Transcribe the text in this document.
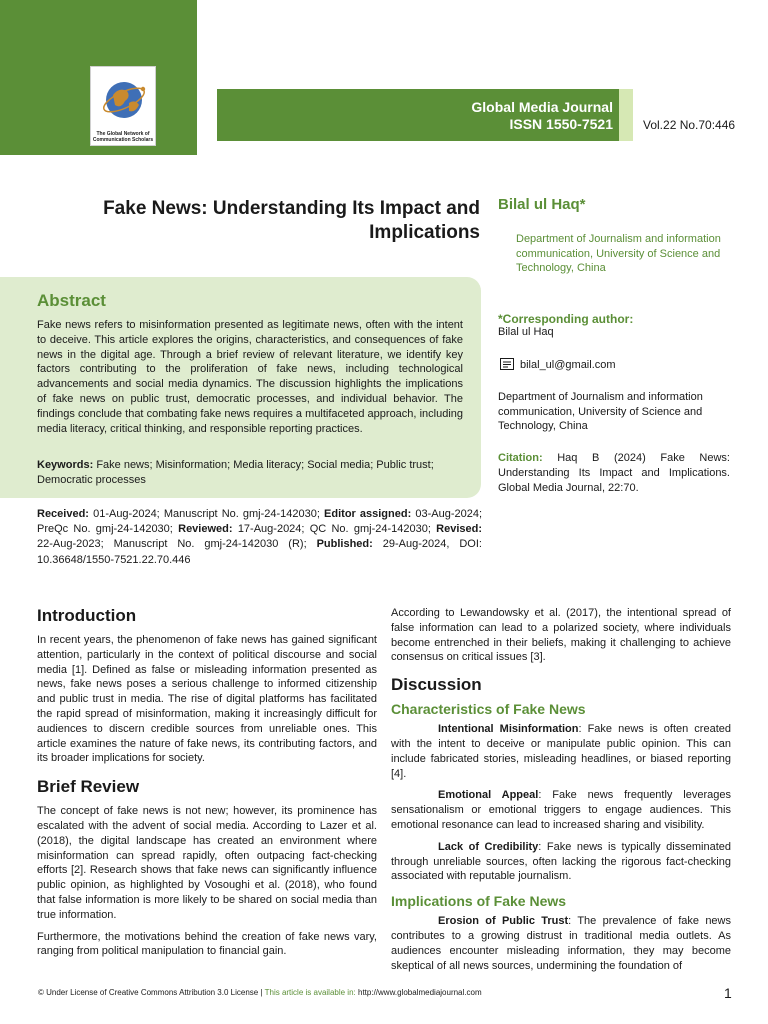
The Global Network of Communication Scholars
Global Media Journal
ISSN 1550-7521	Vol.22 No.70:446
Fake News: Understanding Its Impact and Implications
Bilal ul Haq*
Department of Journalism and information communication, University of Science and Technology, China
Abstract
Fake news refers to misinformation presented as legitimate news, often with the intent to deceive. This article explores the origins, characteristics, and consequences of fake news in the digital age. Through a brief review of relevant literature, we identify key factors contributing to the proliferation of fake news, including technological advancements and social media dynamics. The discussion highlights the implications of fake news on public trust, democratic processes, and individual behavior. The findings conclude that combating fake news requires a multifaceted approach, including media literacy, critical thinking, and responsible reporting practices.
Keywords: Fake news; Misinformation; Media literacy; Social media; Public trust; Democratic processes
*Corresponding author:
Bilal ul Haq
bilal_ul@gmail.com
Department of Journalism and information communication, University of Science and Technology, China
Citation: Haq B (2024) Fake News: Understanding Its Impact and Implications. Global Media Journal, 22:70.
Received: 01-Aug-2024; Manuscript No. gmj-24-142030; Editor assigned: 03-Aug-2024; PreQc No. gmj-24-142030; Reviewed: 17-Aug-2024; QC No. gmj-24-142030; Revised: 22-Aug-2023; Manuscript No. gmj-24-142030 (R); Published: 29-Aug-2024, DOI: 10.36648/1550-7521.22.70.446
Introduction

In recent years, the phenomenon of fake news has gained significant attention, particularly in the context of political discourse and social media [1]. Defined as false or misleading information presented as news, fake news poses a serious challenge to informed citizenship and public trust in media. The rise of digital platforms has facilitated the rapid spread of misinformation, making it increasingly difficult for audiences to discern credible sources from unreliable ones. This article examines the nature of fake news, its contributing factors, and its broader implications for society.

Brief Review

The concept of fake news is not new; however, its prominence has escalated with the advent of social media. According to Lazer et al. (2018), the digital landscape has created an environment where misinformation can spread rapidly, often outpacing fact-checking efforts [2]. Research shows that fake news can significantly influence public opinion, as highlighted by Vosoughi et al. (2018), who found that false information is more likely to be shared on social media than true information.

Furthermore, the motivations behind the creation of fake news vary, ranging from political manipulation to financial gain.

According to Lewandowsky et al. (2017), the intentional spread of false information can lead to a polarized society, where individuals become entrenched in their beliefs, making it challenging to achieve consensus on critical issues [3].

Discussion
Characteristics of Fake News

Intentional Misinformation: Fake news is often created with the intent to deceive or manipulate public opinion. This can include fabricated stories, misleading headlines, or biased reporting [4].

Emotional Appeal: Fake news frequently leverages sensationalism or emotional triggers to engage audiences. This emotional resonance can lead to increased sharing and visibility.

Lack of Credibility: Fake news is typically disseminated through unreliable sources, often lacking the rigorous fact-checking associated with reputable journalism.

Implications of Fake News

Erosion of Public Trust: The prevalence of fake news contributes to a growing distrust in traditional media outlets. As audiences encounter misleading information, they may become skeptical of all news sources, undermining the foundation of

© Under License of Creative Commons Attribution 3.0 License | This article is available in: http://www.globalmediajournal.com	1
